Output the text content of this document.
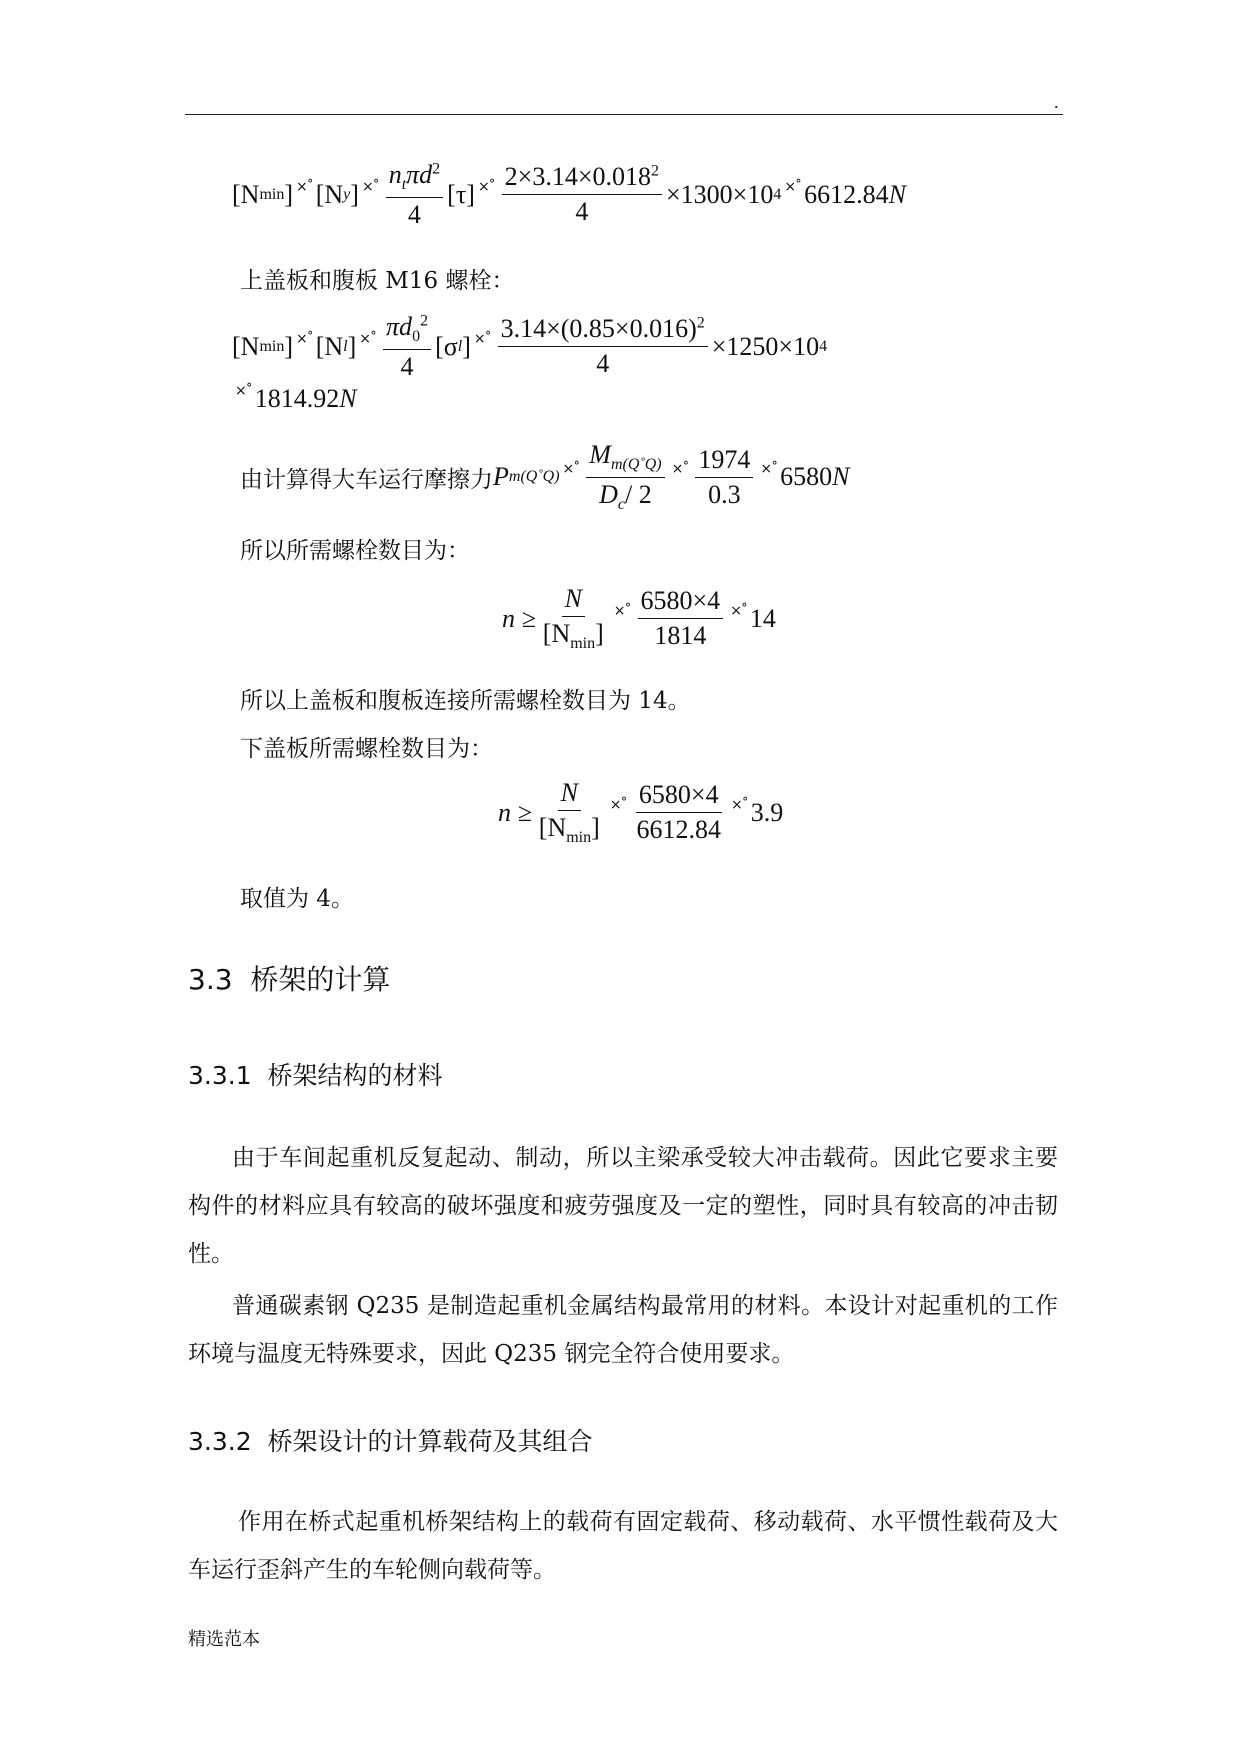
.
[N min ] ×˚ [N y ] ×˚ $\frac{n_t\pi d^2}{4} [\tau]$ ×˚ $\frac{2\times 3.14\times 0.018^2}{4} \times 1300\times 10$ 4 ×˚ 6612.84 N
上盖板和腹板 M16 螺栓：
[N min ] ×˚ [N l ] ×˚ $\frac{\pi d_0^2}{4} [\sigma$ l ] ×˚ $\frac{3.14\times(0.85\times 0.016)^2}{4} \times 1250\times 10$ 4
×˚ 1814.92 N
由计算得大车运行摩擦力 P m(Q˚Q) ×˚ $\frac{M_{m(Q˚Q)}}{D_c/ 2}$ ×˚ $\frac{1974}{0.3}$ ×˚ 6580 N
所以所需螺栓数目为：
$n \ge \frac{N}{[N_{min}]}$ ×˚ $\frac{6580\times 4}{1814}$ ×˚ 14
所以上盖板和腹板连接所需螺栓数目为 14。
下盖板所需螺栓数目为：
$n \ge \frac{N}{[N_{min}]}$ ×˚ $\frac{6580\times 4}{6612.84}$ ×˚ 3.9
取值为 4。
3.3 桥架的计算
3.3.1 桥架结构的材料
由于车间起重机反复起动、制动，所以主梁承受较大冲击载荷。因此它要求主要构件的材料应具有较高的破坏强度和疲劳强度及一定的塑性，同时具有较高的冲击韧性。
普通碳素钢 Q235 是制造起重机金属结构最常用的材料。本设计对起重机的工作环境与温度无特殊要求，因此 Q235 钢完全符合使用要求。
3.3.2 桥架设计的计算载荷及其组合
作用在桥式起重机桥架结构上的载荷有固定载荷、移动载荷、水平惯性载荷及大车运行歪斜产生的车轮侧向载荷等。
精选范本
